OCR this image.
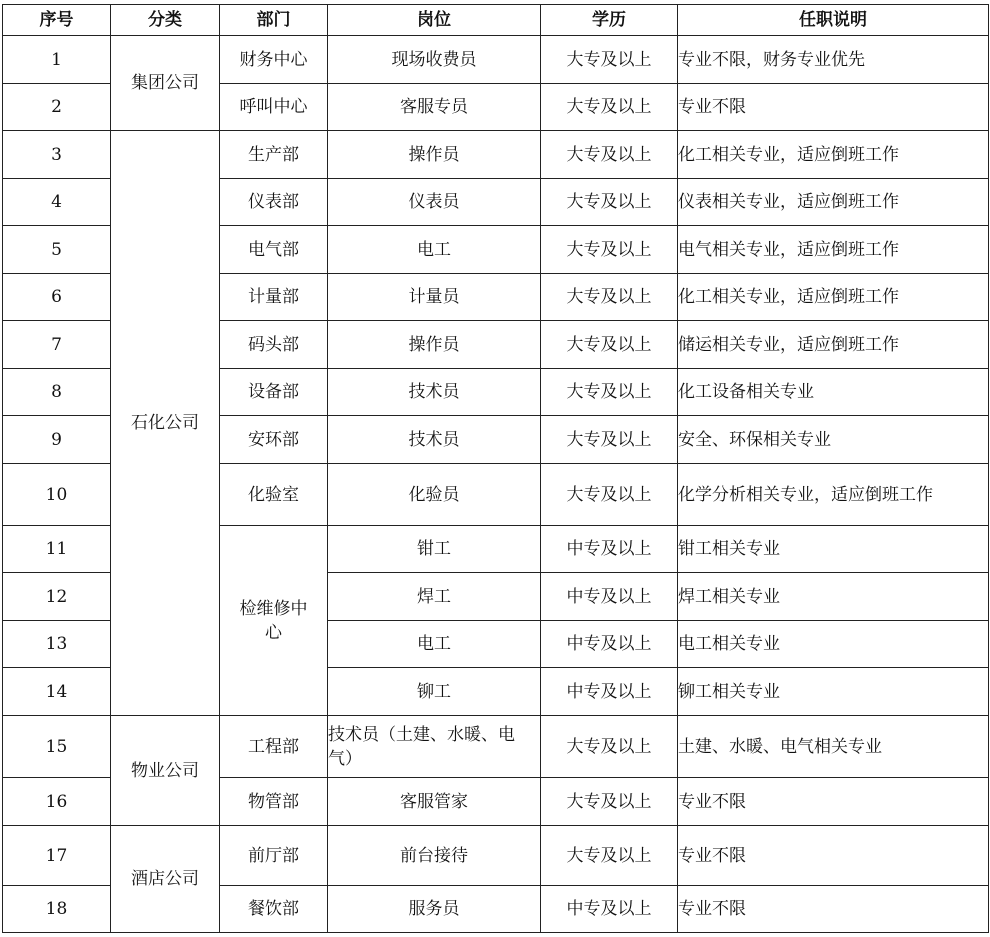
序号	分类	部门	岗位	学历	任职说明
1	集团公司	财务中心	现场收费员	大专及以上	专业不限，财务专业优先
2		呼叫中心	客服专员	大专及以上	专业不限
3	石化公司	生产部	操作员	大专及以上	化工相关专业，适应倒班工作
4		仪表部	仪表员	大专及以上	仪表相关专业，适应倒班工作
5		电气部	电工	大专及以上	电气相关专业，适应倒班工作
6		计量部	计量员	大专及以上	化工相关专业，适应倒班工作
7		码头部	操作员	大专及以上	储运相关专业，适应倒班工作
8		设备部	技术员	大专及以上	化工设备相关专业
9		安环部	技术员	大专及以上	安全、环保相关专业
10		化验室	化验员	大专及以上	化学分析相关专业，适应倒班工作
11		检维修中心	钳工	中专及以上	钳工相关专业
12			焊工	中专及以上	焊工相关专业
13			电工	中专及以上	电工相关专业
14			铆工	中专及以上	铆工相关专业
15	物业公司	工程部	技术员（土建、水暖、电气）	大专及以上	土建、水暖、电气相关专业
16		物管部	客服管家	大专及以上	专业不限
17	酒店公司	前厅部	前台接待	大专及以上	专业不限
18		餐饮部	服务员	中专及以上	专业不限
